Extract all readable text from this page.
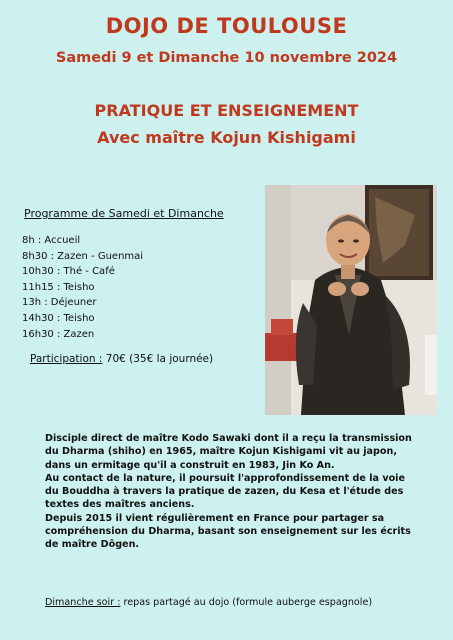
DOJO DE TOULOUSE
Samedi 9 et Dimanche 10 novembre 2024
PRATIQUE ET ENSEIGNEMENT
Avec maître Kojun Kishigami
Programme de Samedi et Dimanche
8h : Accueil
8h30 : Zazen - Guenmai
10h30 : Thé - Café
11h15 : Teisho
13h : Déjeuner
14h30 : Teisho
16h30 : Zazen
Participation : 70€ (35€ la journée)

Disciple direct de maître Kodo Sawaki dont il a reçu la transmission du Dharma (shiho) en 1965, maître Kojun Kishigami vit au japon, dans un ermitage qu'il a construit en 1983, Jin Ko An.

Au contact de la nature, il poursuit l'approfondissement de la voie du Bouddha à travers la pratique de zazen, du Kesa et l'étude des textes des maîtres anciens.

Depuis 2015 il vient régulièrement en France pour partager sa compréhension du Dharma, basant son enseignement sur les écrits de maître Dôgen.

Dimanche soir : repas partagé au dojo (formule auberge espagnole)
